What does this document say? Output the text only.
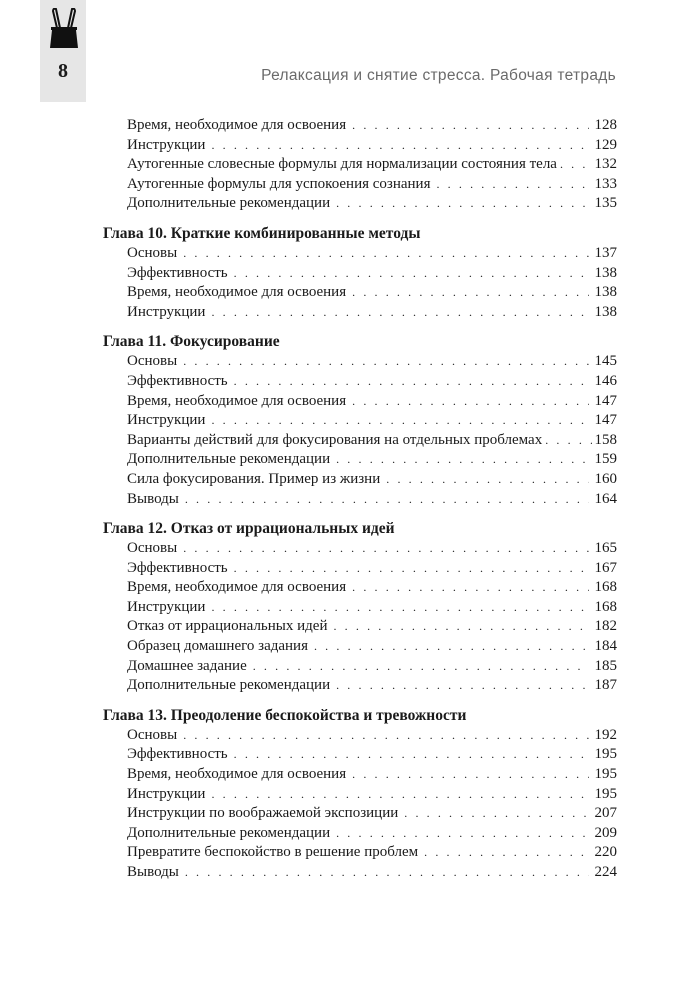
8	Релаксация и снятие стресса. Рабочая тетрадь
Время, необходимое для освоения . . .	128
Инструкции . . .	129
Аутогенные словесные формулы для нормализации состояния тела . . .	132
Аутогенные формулы для успокоения сознания . . .	133
Дополнительные рекомендации . . .	135
Глава 10. Краткие комбинированные методы
Основы . . .	137
Эффективность . . .	138
Время, необходимое для освоения . . .	138
Инструкции . . .	138
Глава 11. Фокусирование
Основы . . .	145
Эффективность . . .	146
Время, необходимое для освоения . . .	147
Инструкции . . .	147
Варианты действий для фокусирования на отдельных проблемах . . .	158
Дополнительные рекомендации . . .	159
Сила фокусирования. Пример из жизни . . .	160
Выводы . . .	164
Глава 12. Отказ от иррациональных идей
Основы . . .	165
Эффективность . . .	167
Время, необходимое для освоения . . .	168
Инструкции . . .	168
Отказ от иррациональных идей . . .	182
Образец домашнего задания . . .	184
Домашнее задание . . .	185
Дополнительные рекомендации . . .	187
Глава 13. Преодоление беспокойства и тревожности
Основы . . .	192
Эффективность . . .	195
Время, необходимое для освоения . . .	195
Инструкции . . .	195
Инструкции по воображаемой экспозиции . . .	207
Дополнительные рекомендации . . .	209
Превратите беспокойство в решение проблем . . .	220
Выводы . . .	224
